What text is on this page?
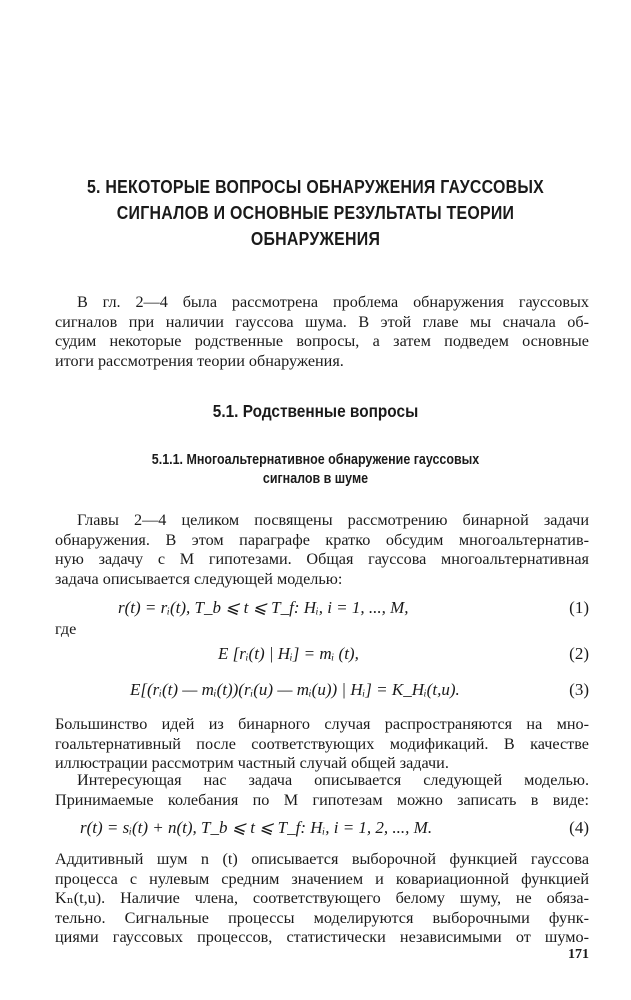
5. НЕКОТОРЫЕ ВОПРОСЫ ОБНАРУЖЕНИЯ ГАУССОВЫХ
СИГНАЛОВ И ОСНОВНЫЕ РЕЗУЛЬТАТЫ ТЕОРИИ
ОБНАРУЖЕНИЯ
В гл. 2—4 была рассмотрена проблема обнаружения гауссовых
сигналов при наличии гауссова шума. В этой главе мы сначала об-
судим некоторые родственные вопросы, а затем подведем основные
итоги рассмотрения теории обнаружения.
5.1. Родственные вопросы
5.1.1. Многоальтернативное обнаружение гауссовых
сигналов в шуме
Главы 2—4 целиком посвящены рассмотрению бинарной задачи
обнаружения. В этом параграфе кратко обсудим многоальтернатив-
ную задачу с M гипотезами. Общая гауссова многоальтернативная
задача описывается следующей моделью:
r(t) = rᵢ(t), T_b ⩽ t ⩽ T_f: Hᵢ, i = 1, ..., M,	(1)
где
E [rᵢ(t) | Hᵢ] = mᵢ (t),	(2)
E[(rᵢ(t) — mᵢ(t))(rᵢ(u) — mᵢ(u)) | Hᵢ] = K_Hᵢ(t,u).	(3)
Большинство идей из бинарного случая распространяются на мно-
гоальтернативный после соответствующих модификаций. В качестве
иллюстрации рассмотрим частный случай общей задачи.
Интересующая нас задача описывается следующей моделью.
Принимаемые колебания по M гипотезам можно записать в виде:
r(t) = sᵢ(t) + n(t), T_b ⩽ t ⩽ T_f: Hᵢ, i = 1, 2, ..., M.	(4)
Аддитивный шум n (t) описывается выборочной функцией гауссова
процесса с нулевым средним значением и ковариационной функцией
Kₙ(t,u). Наличие члена, соответствующего белому шуму, не обяза-
тельно. Сигнальные процессы моделируются выборочными функ-
циями гауссовых процессов, статистически независимыми от шумо-
171
